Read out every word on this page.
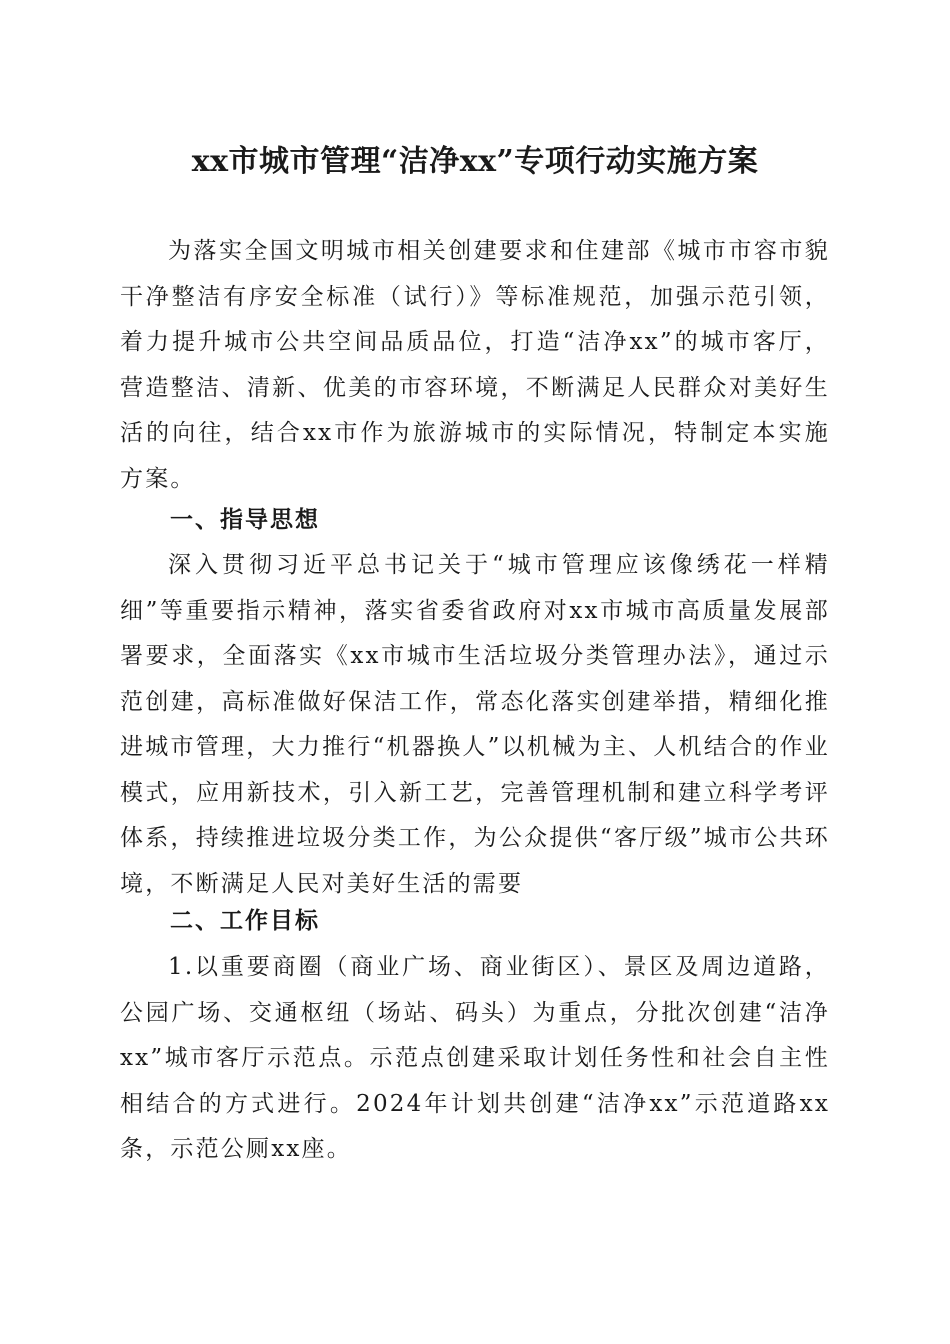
xx市城市管理“洁净xx”专项行动实施方案

为落实全国文明城市相关创建要求和住建部《城市市容市貌干净整洁有序安全标准（试行）》等标准规范，加强示范引领，着力提升城市公共空间品质品位，打造“洁净xx”的城市客厅，营造整洁、清新、优美的市容环境，不断满足人民群众对美好生活的向往，结合xx市作为旅游城市的实际情况，特制定本实施方案。

一、指导思想

深入贯彻习近平总书记关于“城市管理应该像绣花一样精细”等重要指示精神，落实省委省政府对xx市城市高质量发展部署要求，全面落实《xx市城市生活垃圾分类管理办法》，通过示范创建，高标准做好保洁工作，常态化落实创建举措，精细化推进城市管理，大力推行“机器换人”以机械为主、人机结合的作业模式，应用新技术，引入新工艺，完善管理机制和建立科学考评体系，持续推进垃圾分类工作，为公众提供“客厅级”城市公共环境，不断满足人民对美好生活的需要

二、工作目标

1.以重要商圈（商业广场、商业街区）、景区及周边道路，公园广场、交通枢纽（场站、码头）为重点，分批次创建“洁净xx”城市客厅示范点。示范点创建采取计划任务性和社会自主性相结合的方式进行。2024年计划共创建“洁净xx”示范道路xx条，示范公厕xx座。
